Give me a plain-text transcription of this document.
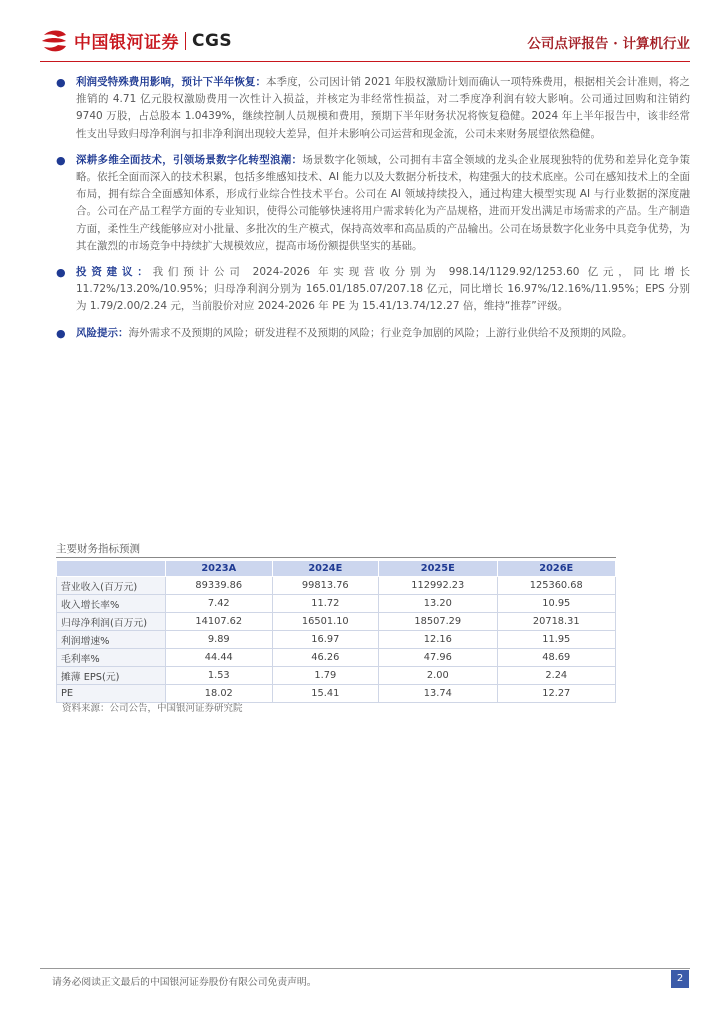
中国银河证券 CGS	公司点评报告 · 计算机行业
● 利润受特殊费用影响，预计下半年恢复：本季度，公司因计销 2021 年股权激励计划而确认一项特殊费用，根据相关会计准则，将之推销的 4.71 亿元股权激励费用一次性计入损益，并核定为非经常性损益，对二季度净利润有较大影响。公司通过回购和注销约 9740 万股，占总股本 1.0439%，继续控制人员规模和费用，预期下半年财务状况将恢复稳健。2024 年上半年报告中，该非经常性支出导致归母净利润与扣非净利润出现较大差异，但并未影响公司运营和现金流，公司未来财务展望依然稳健。
● 深耕多维全面技术，引领场景数字化转型浪潮：场景数字化领域，公司拥有丰富全领域的龙头企业展现独特的优势和差异化竞争策略。依托全面而深入的技术积累，包括多维感知技术、AI 能力以及大数据分析技术，构建强大的技术底座。公司在感知技术上的全面布局，拥有综合全面感知体系，形成行业综合性技术平台。公司在 AI 领域持续投入，通过构建大模型实现 AI 与行业数据的深度融合。公司在产品工程学方面的专业知识，使得公司能够快速将用户需求转化为产品规格，进而开发出满足市场需求的产品。生产制造方面，柔性生产线能够应对小批量、多批次的生产模式，保持高效率和高品质的产品输出。公司在场景数字化业务中具竞争优势，为其在激烈的市场竞争中持续扩大规模效应，提高市场份额提供坚实的基础。
● 投资建议：我们预计公司 2024-2026 年实现营收分别为 998.14/1129.92/1253.60 亿元，同比增长 11.72%/13.20%/10.95%；归母净利润分别为 165.01/185.07/207.18 亿元，同比增长 16.97%/12.16%/11.95%；EPS 分别为 1.79/2.00/2.24 元，当前股价对应 2024-2026 年 PE 为 15.41/13.74/12.27 倍，维持“推荐”评级。
● 风险提示：海外需求不及预期的风险；研发进程不及预期的风险；行业竞争加剧的风险；上游行业供给不及预期的风险。
主要财务指标预测
	2023A	2024E	2025E	2026E
营业收入(百万元)	89339.86	99813.76	112992.23	125360.68
收入增长率%	7.42	11.72	13.20	10.95
归母净利润(百万元)	14107.62	16501.10	18507.29	20718.31
利润增速%	9.89	16.97	12.16	11.95
毛利率%	44.44	46.26	47.96	48.69
摊薄 EPS(元)	1.53	1.79	2.00	2.24
PE	18.02	15.41	13.74	12.27
资料来源：公司公告，中国银河证券研究院
请务必阅读正文最后的中国银河证券股份有限公司免责声明。	2
